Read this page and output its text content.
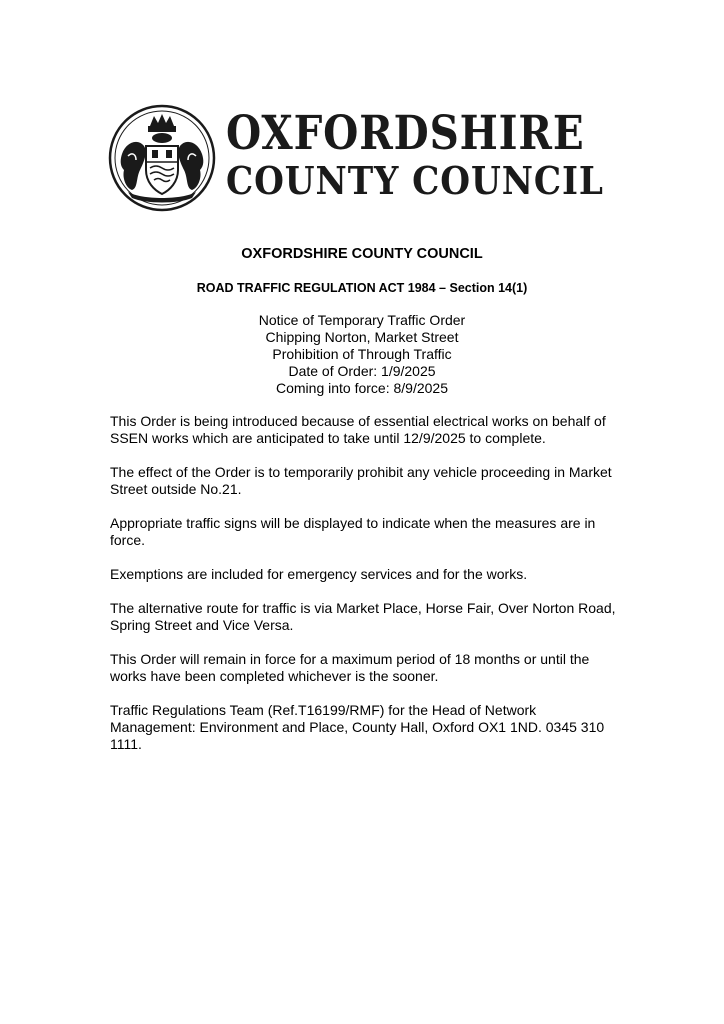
OXFORDSHIRE
COUNTY COUNCIL
OXFORDSHIRE COUNTY COUNCIL
ROAD TRAFFIC REGULATION ACT 1984 – Section 14(1)
Notice of Temporary Traffic Order
Chipping Norton, Market Street
Prohibition of Through Traffic
Date of Order: 1/9/2025
Coming into force: 8/9/2025

This Order is being introduced because of essential electrical works on behalf of SSEN works which are anticipated to take until 12/9/2025 to complete.

The effect of the Order is to temporarily prohibit any vehicle proceeding in Market Street outside No.21.

Appropriate traffic signs will be displayed to indicate when the measures are in force.

Exemptions are included for emergency services and for the works.

The alternative route for traffic is via Market Place, Horse Fair, Over Norton Road, Spring Street and Vice Versa.

This Order will remain in force for a maximum period of 18 months or until the works have been completed whichever is the sooner.

Traffic Regulations Team (Ref.T16199/RMF) for the Head of Network Management: Environment and Place, County Hall, Oxford OX1 1ND. 0345 310 1111.
